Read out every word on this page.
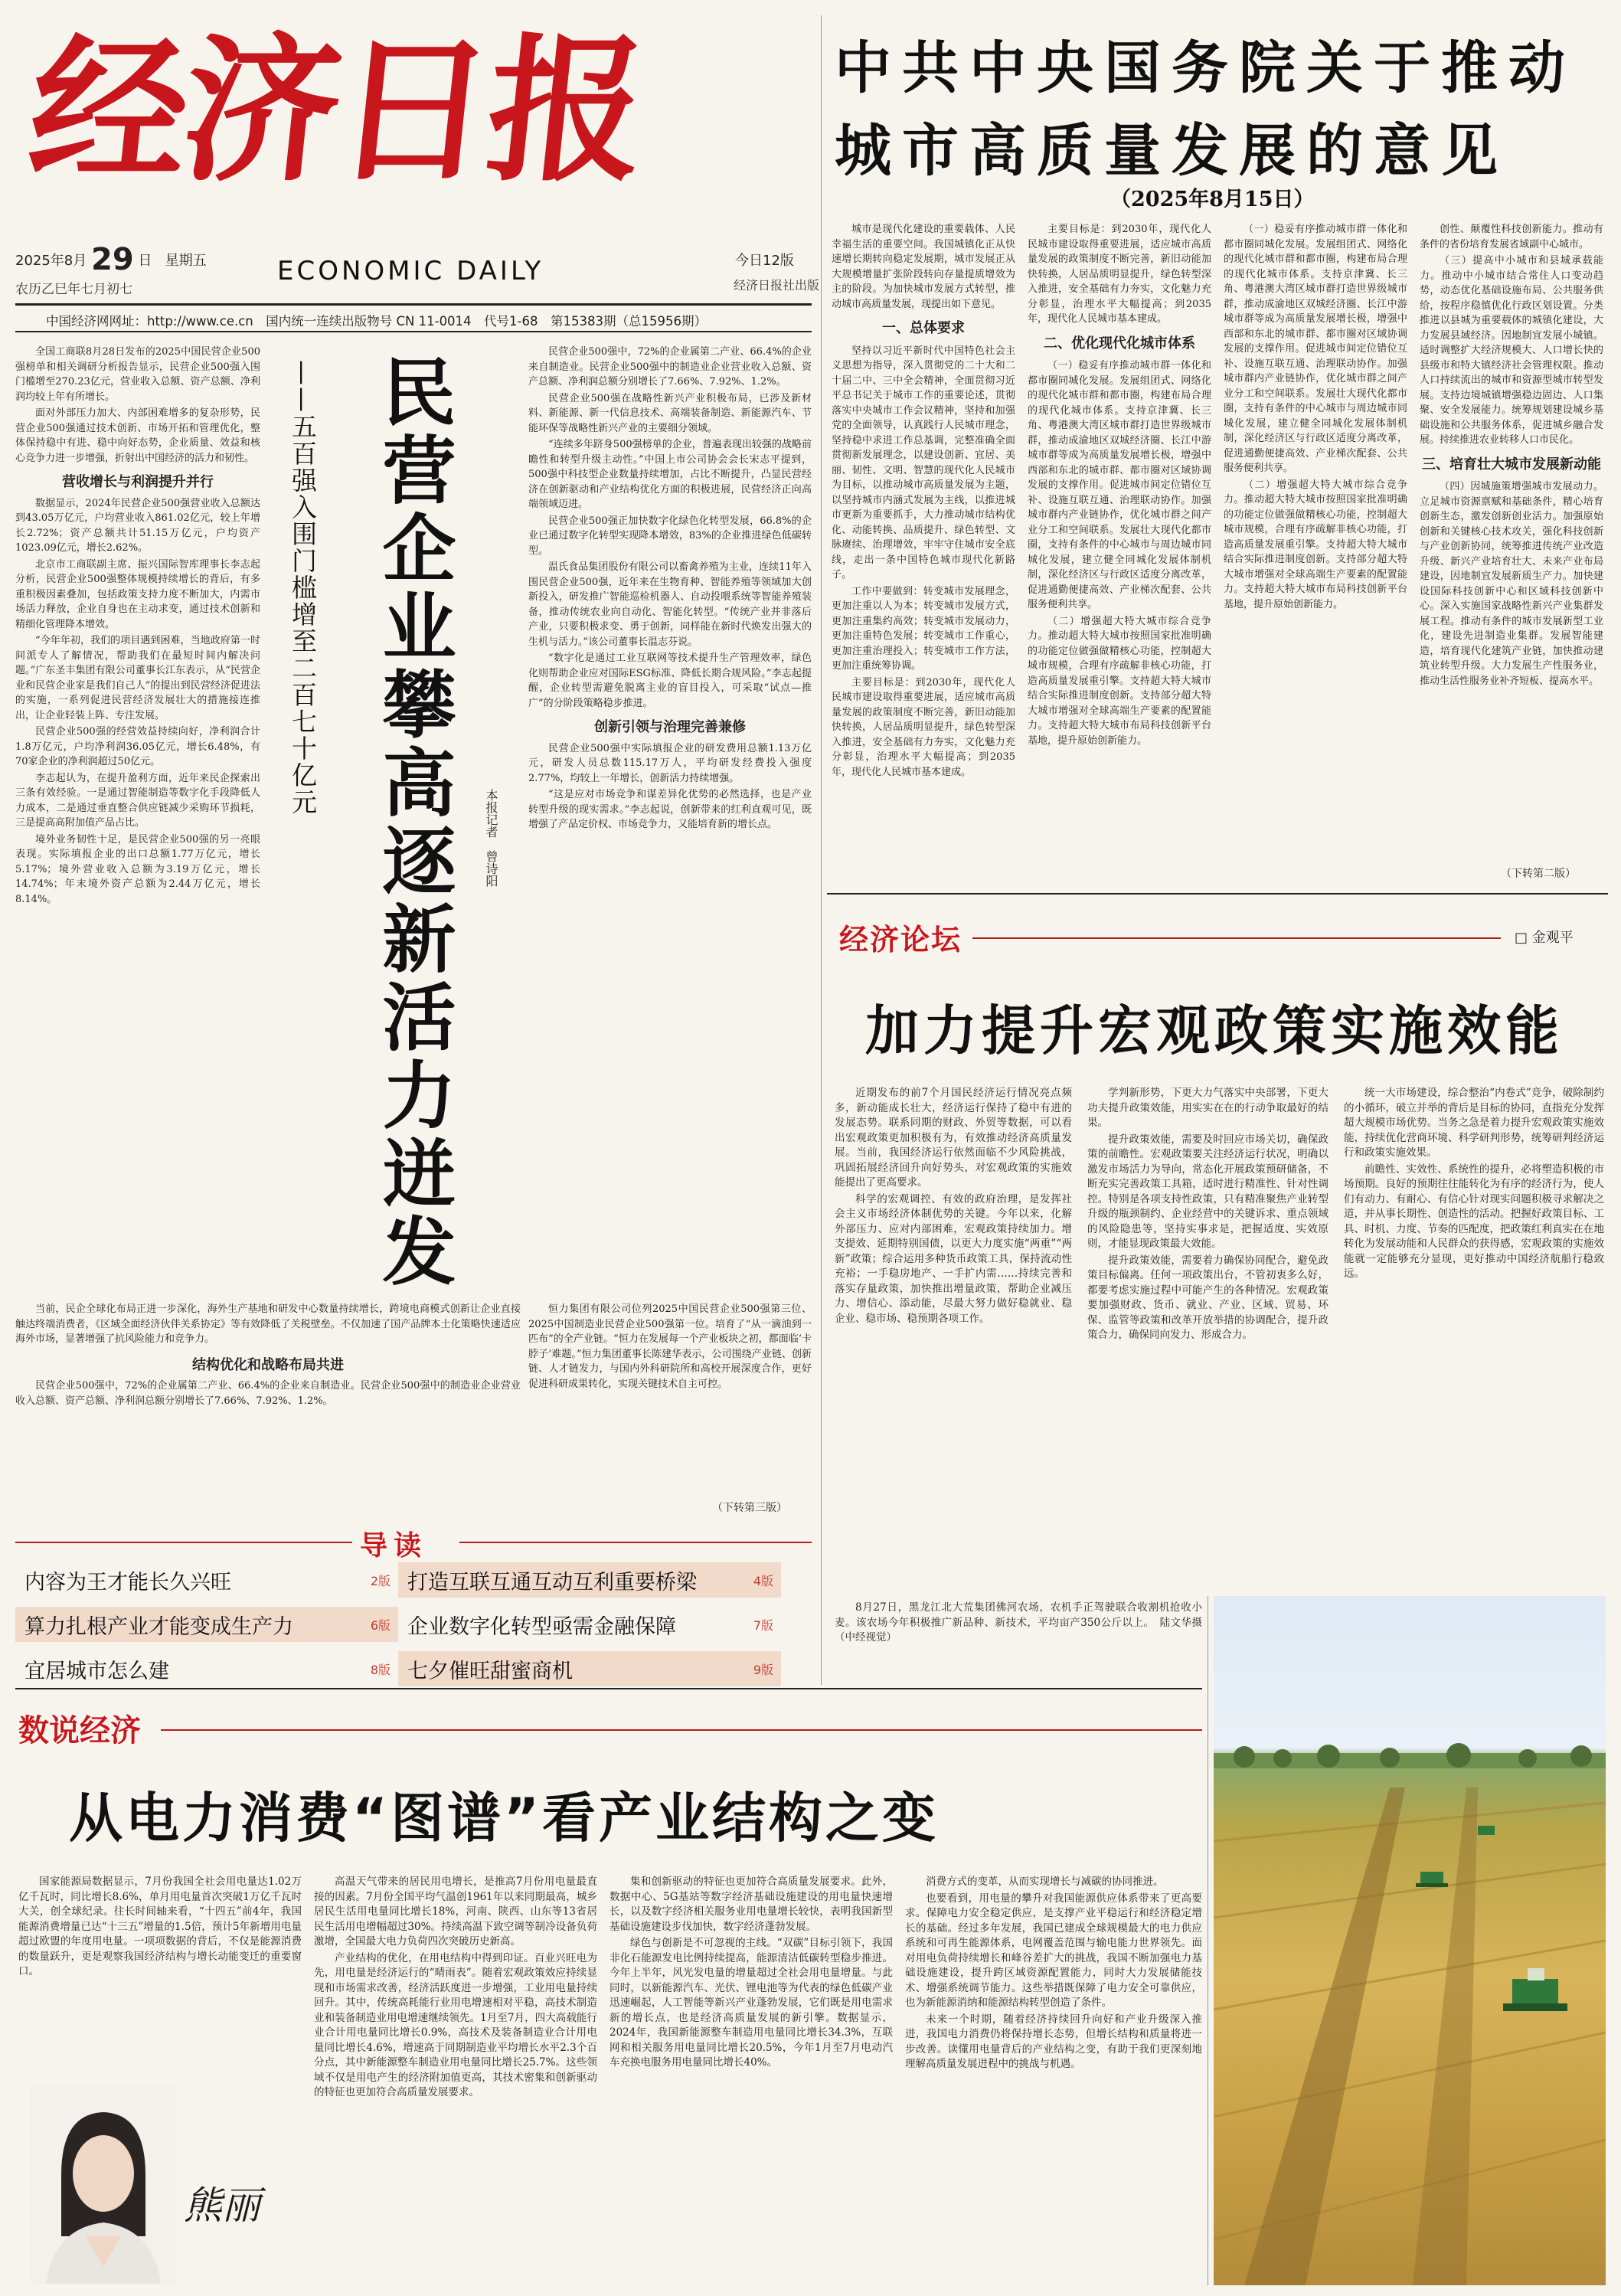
经济日报
2025年8月 29 日 星期五
农历乙巳年七月初七
ECONOMIC DAILY	今日12版
经济日报社出版
中国经济网网址：http://www.ce.cn　国内统一连续出版物号 CN 11-0014　代号1-68　第15383期（总15956期）
中共中央国务院关于推动
城市高质量发展的意见
（2025年8月15日）

城市是现代化建设的重要载体、人民幸福生活的重要空间。我国城镇化正从快速增长期转向稳定发展期，城市发展正从大规模增量扩张阶段转向存量提质增效为主的阶段。为加快城市发展方式转型，推动城市高质量发展，现提出如下意见。

一、总体要求

坚持以习近平新时代中国特色社会主义思想为指导，深入贯彻党的二十大和二十届二中、三中全会精神，全面贯彻习近平总书记关于城市工作的重要论述，贯彻落实中央城市工作会议精神，坚持和加强党的全面领导，认真践行人民城市理念，坚持稳中求进工作总基调，完整准确全面贯彻新发展理念，以建设创新、宜居、美丽、韧性、文明、智慧的现代化人民城市为目标，以推动城市高质量发展为主题，以坚持城市内涵式发展为主线，以推进城市更新为重要抓手，大力推动城市结构优化、动能转换、品质提升、绿色转型、文脉赓续、治理增效，牢牢守住城市安全底线，走出一条中国特色城市现代化新路子。

工作中要做到：转变城市发展理念，更加注重以人为本；转变城市发展方式，更加注重集约高效；转变城市发展动力，更加注重特色发展；转变城市工作重心，更加注重治理投入；转变城市工作方法，更加注重统筹协调。

主要目标是：到2030年，现代化人民城市建设取得重要进展，适应城市高质量发展的政策制度不断完善，新旧动能加快转换，人居品质明显提升，绿色转型深入推进，安全基础有力夯实，文化魅力充分彰显，治理水平大幅提高；到2035年，现代化人民城市基本建成。

主要目标是：到2030年，现代化人民城市建设取得重要进展，适应城市高质量发展的政策制度不断完善，新旧动能加快转换，人居品质明显提升，绿色转型深入推进，安全基础有力夯实，文化魅力充分彰显，治理水平大幅提高；到2035年，现代化人民城市基本建成。

二、优化现代化城市体系

（一）稳妥有序推动城市群一体化和都市圈同城化发展。发展组团式、网络化的现代化城市群和都市圈，构建布局合理的现代化城市体系。支持京津冀、长三角、粤港澳大湾区城市群打造世界级城市群，推动成渝地区双城经济圈、长江中游城市群等成为高质量发展增长极，增强中西部和东北的城市群、都市圈对区域协调发展的支撑作用。促进城市间定位错位互补、设施互联互通、治理联动协作。加强城市群内产业链协作，优化城市群之间产业分工和空间联系。发展壮大现代化都市圈，支持有条件的中心城市与周边城市同城化发展，建立健全同城化发展体制机制，深化经济区与行政区适度分离改革，促进通勤便捷高效、产业梯次配套、公共服务便利共享。

（二）增强超大特大城市综合竞争力。推动超大特大城市按照国家批准明确的功能定位做强做精核心功能，控制超大城市规模，合理有序疏解非核心功能，打造高质量发展重引擎。支持超大特大城市结合实际推进制度创新。支持部分超大特大城市增强对全球高端生产要素的配置能力。支持超大特大城市布局科技创新平台基地，提升原始创新能力。

（一）稳妥有序推动城市群一体化和都市圈同城化发展。发展组团式、网络化的现代化城市群和都市圈，构建布局合理的现代化城市体系。支持京津冀、长三角、粤港澳大湾区城市群打造世界级城市群，推动成渝地区双城经济圈、长江中游城市群等成为高质量发展增长极，增强中西部和东北的城市群、都市圈对区域协调发展的支撑作用。促进城市间定位错位互补、设施互联互通、治理联动协作。加强城市群内产业链协作，优化城市群之间产业分工和空间联系。发展壮大现代化都市圈，支持有条件的中心城市与周边城市同城化发展，建立健全同城化发展体制机制，深化经济区与行政区适度分离改革，促进通勤便捷高效、产业梯次配套、公共服务便利共享。

（二）增强超大特大城市综合竞争力。推动超大特大城市按照国家批准明确的功能定位做强做精核心功能，控制超大城市规模，合理有序疏解非核心功能，打造高质量发展重引擎。支持超大特大城市结合实际推进制度创新。支持部分超大特大城市增强对全球高端生产要素的配置能力。支持超大特大城市布局科技创新平台基地，提升原始创新能力。

创性、颠覆性科技创新能力。推动有条件的省份培育发展省域副中心城市。

（三）提高中小城市和县城承载能力。推动中小城市结合常住人口变动趋势，动态优化基础设施布局、公共服务供给，按程序稳慎优化行政区划设置。分类推进以县城为重要载体的城镇化建设，大力发展县域经济。因地制宜发展小城镇。适时调整扩大经济规模大、人口增长快的县级市和特大镇经济社会管理权限。推动人口持续流出的城市和资源型城市转型发展。支持边境城镇增强稳边固边、人口集聚、安全发展能力。统筹规划建设城乡基础设施和公共服务体系，促进城乡融合发展。持续推进农业转移人口市民化。

三、培育壮大城市发展新动能

（四）因城施策增强城市发展动力。立足城市资源禀赋和基础条件，精心培育创新生态，激发创新创业活力。加强原始创新和关键核心技术攻关，强化科技创新与产业创新协同，统筹推进传统产业改造升级、新兴产业培育壮大、未来产业布局建设，因地制宜发展新质生产力。加快建设国际科技创新中心和区域科技创新中心。深入实施国家战略性新兴产业集群发展工程。推动有条件的城市发展新型工业化，建设先进制造业集群。发展智能建造，培育现代化建筑产业链，加快推动建筑业转型升级。大力发展生产性服务业，推动生活性服务业补齐短板、提高水平。

（下转第二版）

全国工商联8月28日发布的2025中国民营企业500强榜单和相关调研分析报告显示，民营企业500强入围门槛增至270.23亿元，营业收入总额、资产总额、净利润均较上年有所增长。

面对外部压力加大、内部困难增多的复杂形势，民营企业500强通过技术创新、市场开拓和管理优化，整体保持稳中有进、稳中向好态势，企业质量、效益和核心竞争力进一步增强，折射出中国经济的活力和韧性。

营收增长与利润提升并行

数据显示，2024年民营企业500强营业收入总额达到43.05万亿元，户均营业收入861.02亿元，较上年增长2.72%；资产总额共计51.15万亿元，户均资产1023.09亿元，增长2.62%。

北京市工商联副主席、振兴国际智库理事长李志起分析，民营企业500强整体规模持续增长的背后，有多重积极因素叠加，包括政策支持力度不断加大，内需市场活力释放，企业自身也在主动求变，通过技术创新和精细化管理降本增效。

“今年年初，我们的项目遇到困难，当地政府第一时间派专人了解情况，帮助我们在最短时间内解决问题。”广东圣丰集团有限公司董事长江东表示，从“民营企业和民营企业家是我们自己人”的提出到民营经济促进法的实施，一系列促进民营经济发展壮大的措施接连推出，让企业轻装上阵、专注发展。

民营企业500强的经营效益持续向好，净利润合计1.8万亿元，户均净利润36.05亿元，增长6.48%，有70家企业的净利润超过50亿元。

李志起认为，在提升盈利方面，近年来民企探索出三条有效经验。一是通过智能制造等数字化手段降低人力成本，二是通过垂直整合供应链减少采购环节损耗，三是提高高附加值产品占比。

境外业务韧性十足，是民营企业500强的另一亮眼表现。实际填报企业的出口总额1.77万亿元，增长5.17%；境外营业收入总额为3.19万亿元，增长14.74%；年末境外资产总额为2.44万亿元，增长8.14%。

——五百强入围门槛增至二百七十亿元 民营企业攀高逐新活力迸发	本报记者　曾诗阳

民营企业500强中，72%的企业属第二产业、66.4%的企业来自制造业。民营企业500强中的制造业企业营业收入总额、资产总额、净利润总额分别增长了7.66%、7.92%、1.2%。

民营企业500强在战略性新兴产业积极布局，已涉及新材料、新能源、新一代信息技术、高端装备制造、新能源汽车、节能环保等战略性新兴产业的主要细分领域。

“连续多年跻身500强榜单的企业，普遍表现出较强的战略前瞻性和转型升级主动性。”中国上市公司协会会长宋志平提到，500强中科技型企业数量持续增加，占比不断提升，凸显民营经济在创新驱动和产业结构优化方面的积极进展，民营经济正向高端领域迈进。

民营企业500强正加快数字化绿色化转型发展，66.8%的企业已通过数字化转型实现降本增效，83%的企业推进绿色低碳转型。

温氏食品集团股份有限公司以畜禽养殖为主业，连续11年入围民营企业500强，近年来在生物育种、智能养殖等领域加大创新投入，研发推广智能巡检机器人、自动投喂系统等智能养殖装备，推动传统农业向自动化、智能化转型。“传统产业并非落后产业，只要积极求变、勇于创新，同样能在新时代焕发出强大的生机与活力。”该公司董事长温志芬说。

“数字化是通过工业互联网等技术提升生产管理效率，绿色化则帮助企业应对国际ESG标准、降低长期合规风险。”李志起提醒，企业转型需避免脱离主业的盲目投入，可采取“试点—推广”的分阶段策略稳步推进。

创新引领与治理完善兼修

民营企业500强中实际填报企业的研发费用总额1.13万亿元，研发人员总数115.17万人，平均研发经费投入强度2.77%，均较上一年增长，创新活力持续增强。

“这是应对市场竞争和谋差异化优势的必然选择，也是产业转型升级的现实需求。”李志起说，创新带来的红利直观可见，既增强了产品定价权、市场竞争力，又能培育新的增长点。

当前，民企全球化布局正进一步深化，海外生产基地和研发中心数量持续增长，跨境电商模式创新让企业直接触达终端消费者，《区域全面经济伙伴关系协定》等有效降低了关税壁垒。不仅加速了国产品牌本土化策略快速适应海外市场，显著增强了抗风险能力和竞争力。

结构优化和战略布局共进

民营企业500强中，72%的企业属第二产业、66.4%的企业来自制造业。民营企业500强中的制造业企业营业收入总额、资产总额、净利润总额分别增长了7.66%、7.92%、1.2%。

恒力集团有限公司位列2025中国民营企业500强第三位、2025中国制造业民营企业500强第一位。培育了“从一滴油到一匹布”的全产业链。“恒力在发展每一个产业板块之初，都面临‘卡脖子’难题。”恒力集团董事长陈建华表示，公司围绕产业链、创新链、人才链发力，与国内外科研院所和高校开展深度合作，更好促进科研成果转化，实现关键技术自主可控。

（下转第三版）
导读
内容为王才能长久兴旺	2版 打造互联互通互动互利重要桥梁	4版
算力扎根产业才能变成生产力	6版 企业数字化转型亟需金融保障	7版
宜居城市怎么建	8版 七夕催旺甜蜜商机	9版
经济论坛	□ 金观平
加力提升宏观政策实施效能

近期发布的前7个月国民经济运行情况亮点频多，新动能成长壮大，经济运行保持了稳中有进的发展态势。联系同期的财政、外贸等数据，可以看出宏观政策更加积极有为，有效推动经济高质量发展。当前，我国经济运行依然面临不少风险挑战，巩固拓展经济回升向好势头，对宏观政策的实施效能提出了更高要求。

科学的宏观调控、有效的政府治理，是发挥社会主义市场经济体制优势的关键。今年以来，化解外部压力、应对内部困难，宏观政策持续加力。增支提效、延期特别国债，以更大力度实施“两重”“两新”政策；综合运用多种货币政策工具，保持流动性充裕；一手稳房地产、一手扩内需……持续完善和落实存量政策，加快推出增量政策，帮助企业减压力、增信心、添动能，尽最大努力做好稳就业、稳企业、稳市场、稳预期各项工作。

学判新形势，下更大力气落实中央部署，下更大功夫提升政策效能，用实实在在的行动争取最好的结果。

提升政策效能，需要及时回应市场关切，确保政策的前瞻性。宏观政策要关注经济运行状况，明确以激发市场活力为导向，常态化开展政策预研储备，不断充实完善政策工具箱，适时进行精准性、针对性调控。特别是各项支持性政策，只有精准聚焦产业转型升级的瓶颈制约、企业经营中的关键诉求、重点领域的风险隐患等，坚持实事求是，把握适度、实效原则，才能显现政策最大效能。

提升政策效能，需要着力确保协同配合，避免政策目标偏离。任何一项政策出台，不管初衷多么好，都要考虑实施过程中可能产生的各种情况。宏观政策要加强财政、货币、就业、产业、区域、贸易、环保、监管等政策和改革开放举措的协调配合，提升政策合力，确保同向发力、形成合力。

统一大市场建设，综合整治“内卷式”竞争，破除制约的小循环，破立并举的背后是目标的协同，直指充分发挥超大规模市场优势。当务之急是着力提升宏观政策实施效能，持续优化营商环境、科学研判形势，统筹研判经济运行和政策实施效果。

前瞻性、实效性、系统性的提升，必将塑造积极的市场预期。良好的预期往往能转化为有序的经济行为，使人们有动力、有耐心、有信心针对现实问题积极寻求解决之道，并从事长期性、创造性的活动。把握好政策目标、工具、时机、力度、节奏的匹配度，把政策红利真实在在地转化为发展动能和人民群众的获得感，宏观政策的实施效能就一定能够充分显现，更好推动中国经济航船行稳致远。

8月27日，黑龙江北大荒集团佛河农场，农机手正驾驶联合收割机抢收小麦。该农场今年积极推广新品种、新技术，平均亩产350公斤以上。　陆文华摄（中经视觉）

数说经济
从电力消费“图谱”看产业结构之变

国家能源局数据显示，7月份我国全社会用电量达1.02万亿千瓦时，同比增长8.6%，单月用电量首次突破1万亿千瓦时大关，创全球纪录。往长时间轴来看，“十四五”前4年，我国能源消费增量已达“十三五”增量的1.5倍，预计5年新增用电量超过欧盟的年度用电量。一项项数据的背后，不仅是能源消费的数量跃升，更是观察我国经济结构与增长动能变迁的重要窗口。

熊丽

高温天气带来的居民用电增长，是推高7月份用电量最直接的因素。7月份全国平均气温创1961年以来同期最高，城乡居民生活用电量同比增长18%，河南、陕西、山东等13省居民生活用电增幅超过30%。持续高温下致空调等制冷设备负荷激增，全国最大电力负荷四次突破历史新高。

产业结构的优化，在用电结构中得到印证。百业兴旺电为先，用电量是经济运行的“晴雨表”。随着宏观政策效应持续显现和市场需求改善，经济活跃度进一步增强，工业用电量持续回升。其中，传统高耗能行业用电增速相对平稳，高技术制造业和装备制造业用电增速继续领先。1月至7月，四大高载能行业合计用电量同比增长0.9%，高技术及装备制造业合计用电量同比增长4.6%，增速高于同期制造业平均增长水平2.3个百分点，其中新能源整车制造业用电量同比增长25.7%。这些领域不仅是用电产生的经济附加值更高，其技术密集和创新驱动的特征也更加符合高质量发展要求。

集和创新驱动的特征也更加符合高质量发展要求。此外，数据中心、5G基站等数字经济基础设施建设的用电量快速增长，以及数字经济相关服务业用电量增长较快，表明我国新型基础设施建设步伐加快，数字经济蓬勃发展。

绿色与创新是不可忽视的主线。“双碳”目标引领下，我国非化石能源发电比例持续提高，能源清洁低碳转型稳步推进。今年上半年，风光发电量的增量超过全社会用电量增量。与此同时，以新能源汽车、光伏、锂电池等为代表的绿色低碳产业迅速崛起，人工智能等新兴产业蓬勃发展，它们既是用电需求新的增长点，也是经济高质量发展的新引擎。数据显示，2024年，我国新能源整车制造用电量同比增长34.3%，互联网和相关服务用电量同比增长20.5%，今年1月至7月电动汽车充换电服务用电量同比增长40%。

消费方式的变革，从而实现增长与减碳的协同推进。

也要看到，用电量的攀升对我国能源供应体系带来了更高要求。保障电力安全稳定供应，是支撑产业平稳运行和经济稳定增长的基础。经过多年发展，我国已建成全球规模最大的电力供应系统和可再生能源体系，电网覆盖范围与输电能力世界领先。面对用电负荷持续增长和峰谷差扩大的挑战，我国不断加强电力基础设施建设，提升跨区域资源配置能力，同时大力发展储能技术、增强系统调节能力。这些举措既保障了电力安全可靠供应，也为新能源消纳和能源结构转型创造了条件。

未来一个时期，随着经济持续回升向好和产业升级深入推进，我国电力消费仍将保持增长态势，但增长结构和质量将进一步改善。读懂用电量背后的产业结构之变，有助于我们更深刻地理解高质量发展进程中的挑战与机遇。
